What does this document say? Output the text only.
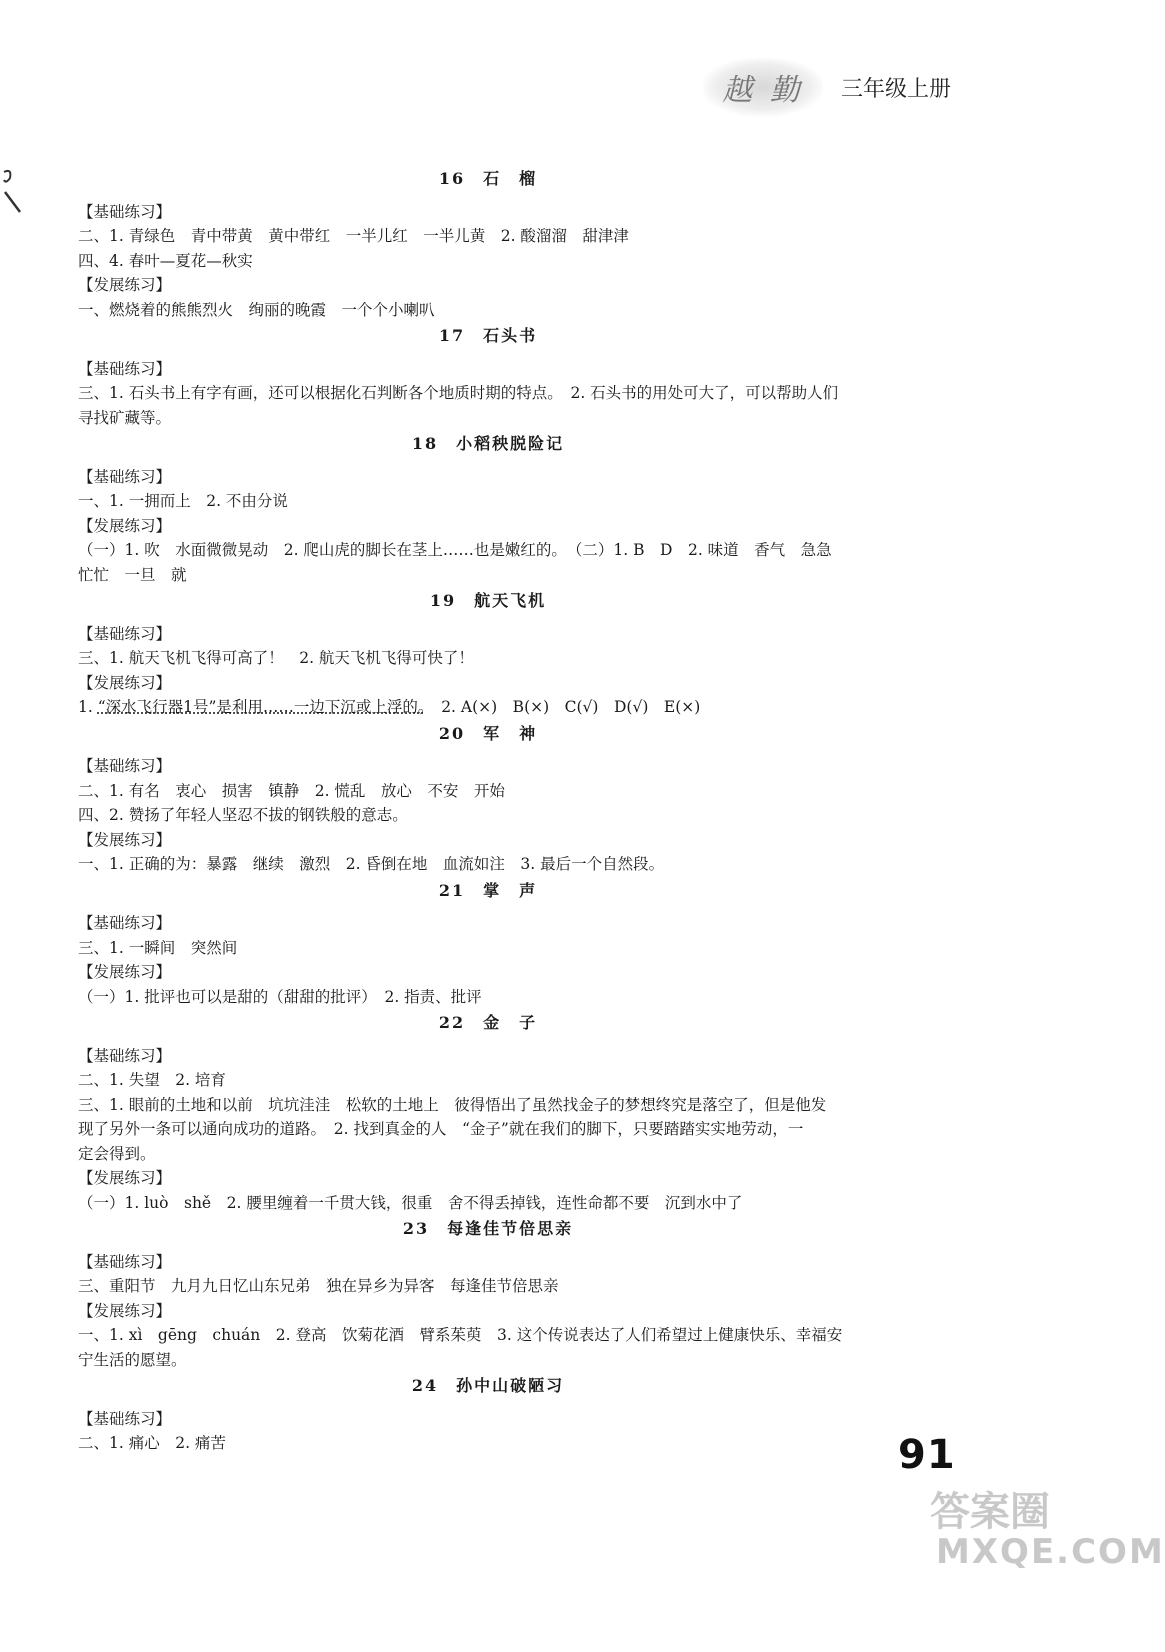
越 勤 三年级上册
16　石　榴
【基础练习】
二、1. 青绿色　青中带黄　黄中带红　一半儿红　一半儿黄　2. 酸溜溜　甜津津
四、4. 春叶—夏花—秋实
【发展练习】
一、燃烧着的熊熊烈火　绚丽的晚霞　一个个小喇叭
17　石头书
【基础练习】
三、1. 石头书上有字有画，还可以根据化石判断各个地质时期的特点。　2. 石头书的用处可大了，可以帮助人们
寻找矿藏等。
18　小稻秧脱险记
【基础练习】
一、1. 一拥而上　2. 不由分说
【发展练习】
（一）1. 吹　水面微微晃动　2. 爬山虎的脚长在茎上……也是嫩红的。　（二）1. B　D　2. 味道　香气　急急
忙忙　一旦　就
19　航天飞机
【基础练习】
三、1. 航天飞机飞得可高了！　2. 航天飞机飞得可快了！
【发展练习】
1. “深水飞行器1号”是利用……一边下沉或上浮的。　2. A(×)　B(×)　C(√)　D(√)　E(×)
20　军　神
【基础练习】
二、1. 有名　衷心　损害　镇静　2. 慌乱　放心　不安　开始
四、2. 赞扬了年轻人坚忍不拔的钢铁般的意志。
【发展练习】
一、1. 正确的为：暴露　继续　激烈　2. 昏倒在地　血流如注　3. 最后一个自然段。
21　掌　声
【基础练习】
三、1. 一瞬间　突然间
【发展练习】
（一）1. 批评也可以是甜的（甜甜的批评）　2. 指责、批评
22　金　子
【基础练习】
二、1. 失望　2. 培育
三、1. 眼前的土地和以前　坑坑洼洼　松软的土地上　彼得悟出了虽然找金子的梦想终究是落空了，但是他发
现了另外一条可以通向成功的道路。　2. 找到真金的人　“金子”就在我们的脚下，只要踏踏实实地劳动，一
定会得到。
【发展练习】
（一）1. luò　shě　2. 腰里缠着一千贯大钱，很重　舍不得丢掉钱，连性命都不要　沉到水中了
23　每逢佳节倍思亲
【基础练习】
三、重阳节　九月九日忆山东兄弟　独在异乡为异客　每逢佳节倍思亲
【发展练习】
一、1. xì　gēng　chuán　2. 登高　饮菊花酒　臂系茱萸　3. 这个传说表达了人们希望过上健康快乐、幸福安
宁生活的愿望。
24　孙中山破陋习
【基础练习】
二、1. 痛心　2. 痛苦	91
答案圈
MXQE.COM
